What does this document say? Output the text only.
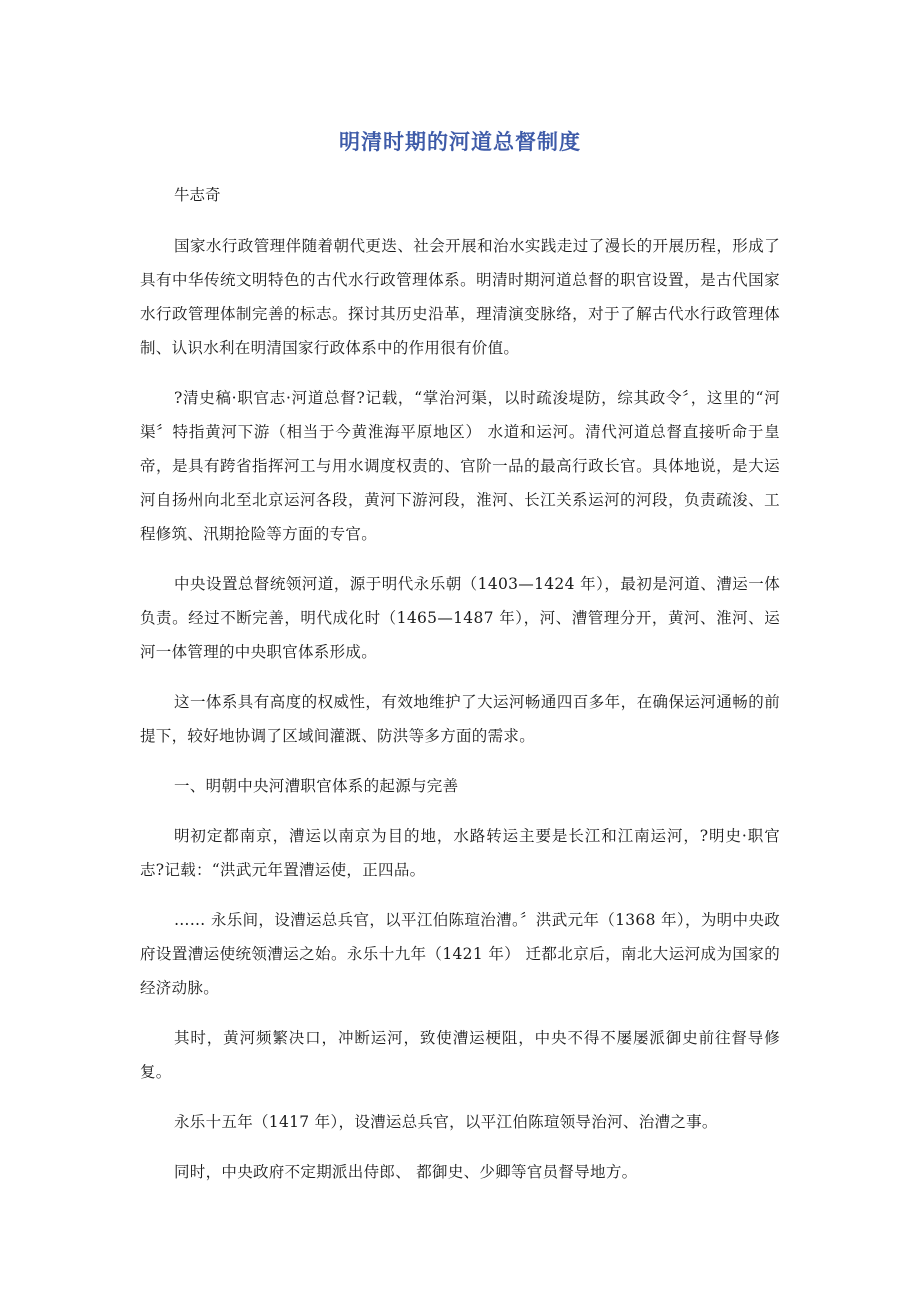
明清时期的河道总督制度

牛志奇

国家水行政管理伴随着朝代更迭、社会开展和治水实践走过了漫长的开展历程，形成了具有中华传统文明特色的古代水行政管理体系。明清时期河道总督的职官设置，是古代国家水行政管理体制完善的标志。探讨其历史沿革，理清演变脉络，对于了解古代水行政管理体制、认识水利在明清国家行政体系中的作用很有价值。

?清史稿·职官志·河道总督?记载，“掌治河渠，以时疏浚堤防，综其政令〞，这里的“河渠〞特指黄河下游（相当于今黄淮海平原地区） 水道和运河。清代河道总督直接听命于皇帝，是具有跨省指挥河工与用水调度权责的、官阶一品的最高行政长官。具体地说，是大运河自扬州向北至北京运河各段，黄河下游河段，淮河、长江关系运河的河段，负责疏浚、工程修筑、汛期抢险等方面的专官。

中央设置总督统领河道，源于明代永乐朝（1403—1424 年），最初是河道、漕运一体负责。经过不断完善，明代成化时（1465—1487 年），河、漕管理分开，黄河、淮河、运河一体管理的中央职官体系形成。

这一体系具有高度的权威性，有效地维护了大运河畅通四百多年，在确保运河通畅的前提下，较好地协调了区域间灌溉、防洪等多方面的需求。

一、明朝中央河漕职官体系的起源与完善

明初定都南京，漕运以南京为目的地，水路转运主要是长江和江南运河，?明史·职官志?记载：“洪武元年置漕运使，正四品。

…… 永乐间，设漕运总兵官，以平江伯陈瑄治漕。〞洪武元年（1368 年），为明中央政府设置漕运使统领漕运之始。永乐十九年（1421 年） 迁都北京后，南北大运河成为国家的经济动脉。

其时，黄河频繁决口，冲断运河，致使漕运梗阻，中央不得不屡屡派御史前往督导修复。

永乐十五年（1417 年），设漕运总兵官，以平江伯陈瑄领导治河、治漕之事。

同时，中央政府不定期派出侍郎、 都御史、少卿等官员督导地方。
